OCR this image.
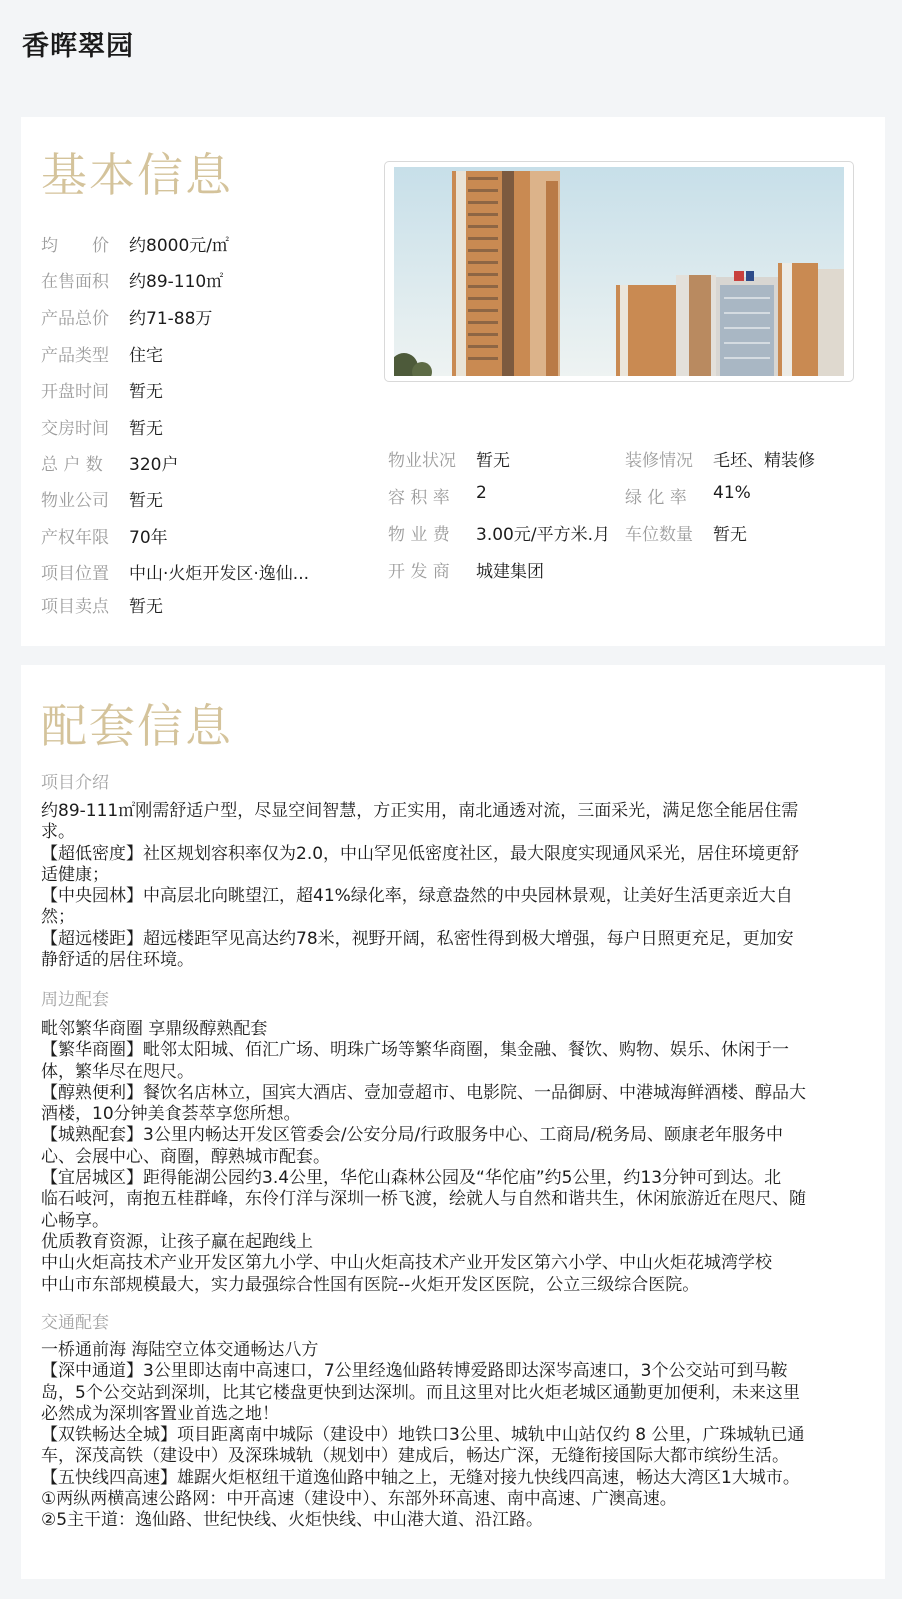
香晖翠园
基本信息
均　　价	约8000元/㎡
在售面积	约89-110㎡
产品总价	约71-88万
产品类型	住宅
开盘时间	暂无
交房时间	暂无
总 户 数	320户
物业公司	暂无
产权年限	70年
项目位置	中山·火炬开发区·逸仙...
项目卖点	暂无
物业状况	暂无	装修情况	毛坯、精装修
容 积 率	2	绿 化 率	41%
物 业 费	3.00元/平方米.月 车位数量	暂无
开 发 商	城建集团
配套信息
项目介绍

约89-111㎡刚需舒适户型，尽显空间智慧，方正实用，南北通透对流，三面采光，满足您全能居住需

求。

【超低密度】社区规划容积率仅为2.0，中山罕见低密度社区，最大限度实现通风采光，居住环境更舒

适健康；

【中央园林】中高层北向眺望江，超41%绿化率，绿意盎然的中央园林景观，让美好生活更亲近大自

然；

【超远楼距】超远楼距罕见高达约78米，视野开阔，私密性得到极大增强，每户日照更充足，更加安

静舒适的居住环境。

周边配套

毗邻繁华商圈 享鼎级醇熟配套

【繁华商圈】毗邻太阳城、佰汇广场、明珠广场等繁华商圈，集金融、餐饮、购物、娱乐、休闲于一

体，繁华尽在咫尺。

【醇熟便利】餐饮名店林立，国宾大酒店、壹加壹超市、电影院、一品御厨、中港城海鲜酒楼、醇品大

酒楼，10分钟美食荟萃享您所想。

【城熟配套】3公里内畅达开发区管委会/公安分局/行政服务中心、工商局/税务局、颐康老年服务中

心、会展中心、商圈，醇熟城市配套。

【宜居城区】距得能湖公园约3.4公里，华佗山森林公园及“华佗庙”约5公里，约13分钟可到达。北

临石岐河，南抱五桂群峰，东伶仃洋与深圳一桥飞渡，绘就人与自然和谐共生，休闲旅游近在咫尺、随

心畅享。

优质教育资源，让孩子赢在起跑线上

中山火炬高技术产业开发区第九小学、中山火炬高技术产业开发区第六小学、中山火炬花城湾学校

中山市东部规模最大，实力最强综合性国有医院--火炬开发区医院，公立三级综合医院。

交通配套

一桥通前海 海陆空立体交通畅达八方

【深中通道】3公里即达南中高速口，7公里经逸仙路转博爱路即达深岑高速口，3个公交站可到马鞍

岛，5个公交站到深圳，比其它楼盘更快到达深圳。而且这里对比火炬老城区通勤更加便利，未来这里

必然成为深圳客置业首选之地！

【双铁畅达全城】项目距离南中城际（建设中）地铁口3公里、城轨中山站仅约 8 公里，广珠城轨已通

车，深茂高铁（建设中）及深珠城轨（规划中）建成后，畅达广深，无缝衔接国际大都市缤纷生活。

【五快线四高速】雄踞火炬枢纽干道逸仙路中轴之上，无缝对接九快线四高速，畅达大湾区1大城市。

①两纵两横高速公路网：中开高速（建设中）、东部外环高速、南中高速、广澳高速。

②5主干道：逸仙路、世纪快线、火炬快线、中山港大道、沿江路。
